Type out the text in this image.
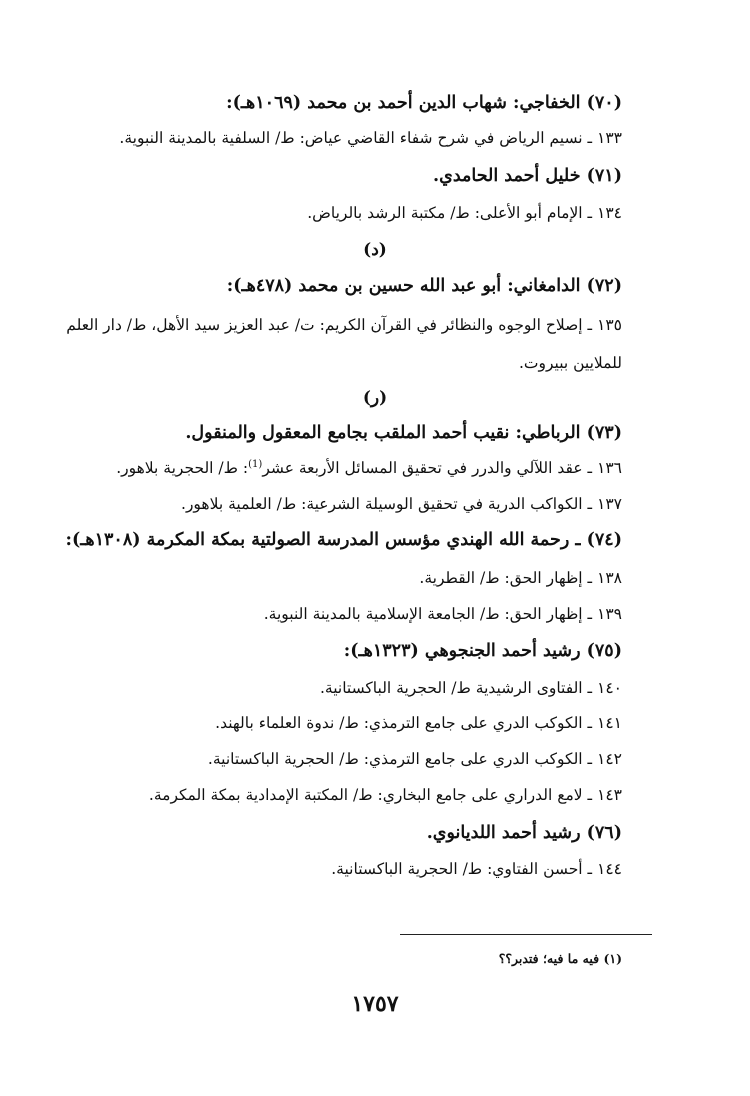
(٧٠) الخفاجي: شهاب الدين أحمد بن محمد (١٠٦٩هـ):
١٣٣ ـ نسيم الرياض في شرح شفاء القاضي عياض: ط/ السلفية بالمدينة النبوية.
(٧١) خليل أحمد الحامدي.
١٣٤ ـ الإمام أبو الأعلى: ط/ مكتبة الرشد بالرياض.
(د)
(٧٢) الدامغاني: أبو عبد الله حسين بن محمد (٤٧٨هـ):
١٣٥ ـ إصلاح الوجوه والنظائر في القرآن الكريم: ت/ عبد العزيز سيد الأهل، ط/ دار العلم للملايين ببيروت.
(ر)
(٧٣) الرباطي: نقيب أحمد الملقب بجامع المعقول والمنقول.
١٣٦ ـ عقد اللآلي والدرر في تحقيق المسائل الأربعة عشر$^{(1)}$: ط/ الحجرية بلاهور.
١٣٧ ـ الكواكب الدرية في تحقيق الوسيلة الشرعية: ط/ العلمية بلاهور.
(٧٤) ـ رحمة الله الهندي مؤسس المدرسة الصولتية بمكة المكرمة (١٣٠٨هـ):
١٣٨ ـ إظهار الحق: ط/ القطرية.
١٣٩ ـ إظهار الحق: ط/ الجامعة الإسلامية بالمدينة النبوية.
(٧٥) رشيد أحمد الجنجوهي (١٣٢٣هـ):
١٤٠ ـ الفتاوى الرشيدية ط/ الحجرية الباكستانية.
١٤١ ـ الكوكب الدري على جامع الترمذي: ط/ ندوة العلماء بالهند.
١٤٢ ـ الكوكب الدري على جامع الترمذي: ط/ الحجرية الباكستانية.
١٤٣ ـ لامع الدراري على جامع البخاري: ط/ المكتبة الإمدادية بمكة المكرمة.
(٧٦) رشيد أحمد اللديانوي.
١٤٤ ـ أحسن الفتاوي: ط/ الحجرية الباكستانية.
(١) فيه ما فيه؛ فتدبر؟؟
١٧٥٧
